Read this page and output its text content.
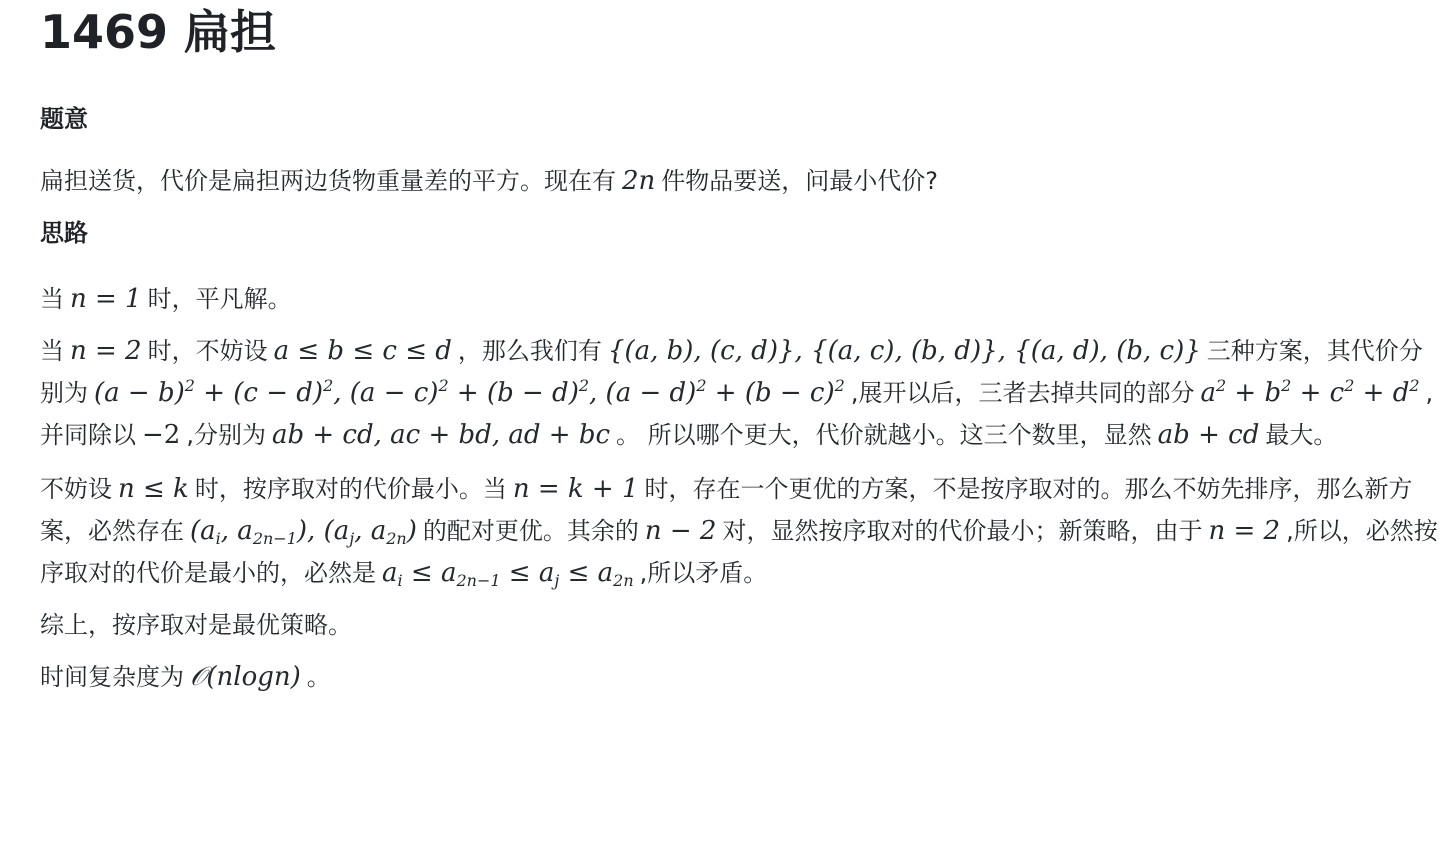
1469 扁担
题意

扁担送货，代价是扁担两边货物重量差的平方。现在有 2n 件物品要送，问最小代价?

思路

当 n = 1 时，平凡解。

当 n = 2 时，不妨设 a ≤ b ≤ c ≤ d ，那么我们有 {(a, b), (c, d)}, {(a, c), (b, d)}, {(a, d), (b, c)} 三种方案，其代价分别为 $(a - b)^2 + (c - d)^2$, $(a - c)^2 + (b - d)^2$, $(a - d)^2 + (b - c)^2$ ,展开以后，三者去掉共同的部分 $a^2 + b^2 + c^2 + d^2$ ,并同除以 −2 ,分别为 ab + cd, ac + bd, ad + bc 。 所以哪个更大，代价就越小。这三个数里，显然 ab + cd 最大。

不妨设 n ≤ k 时，按序取对的代价最小。当 n = k + 1 时，存在一个更优的方案，不是按序取对的。那么不妨先排序，那么新方案，必然存在 ($a_i$, $a_{2n-1}$), ($a_j$, $a_{2n}$) 的配对更优。其余的 n − 2 对，显然按序取对的代价最小；新策略，由于 n = 2 ,所以，必然按序取对的代价是最小的，必然是 $a_i \le a_{2n-1} \le a_j \le a_{2n}$ ,所以矛盾。

综上，按序取对是最优策略。

时间复杂度为 𝒪(nlogn) 。
